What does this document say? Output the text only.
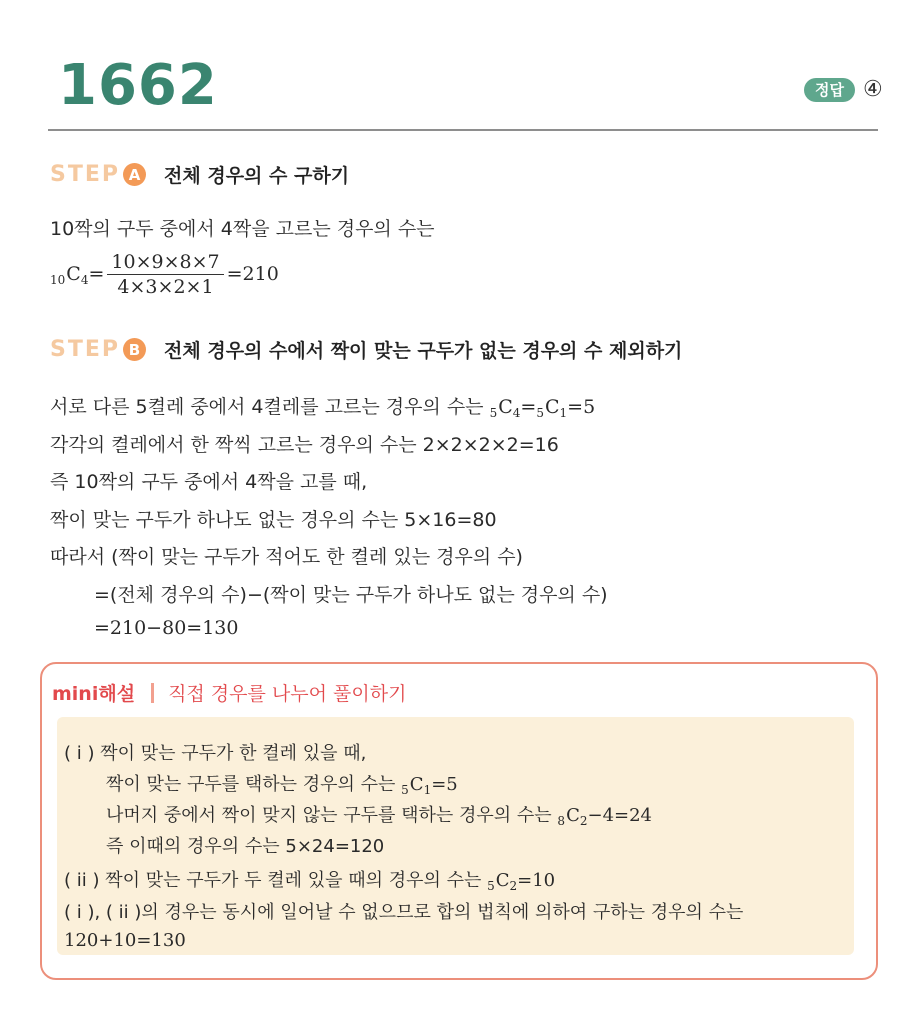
1662	정답 ④
STEP A	전체 경우의 수 구하기
10짝의 구두 중에서 4짝을 고르는 경우의 수는
$_{10}C_4= \frac{10\times 9\times 8\times 7}{4\times 3\times 2\times 1} =210$
STEP B	전체 경우의 수에서 짝이 맞는 구두가 없는 경우의 수 제외하기
서로 다른 5켤레 중에서 4켤레를 고르는 경우의 수는 $_5C_4=_5C_1=5$
각각의 켤레에서 한 짝씩 고르는 경우의 수는 2×2×2×2=16
즉 10짝의 구두 중에서 4짝을 고를 때,
짝이 맞는 구두가 하나도 없는 경우의 수는 5×16=80
따라서 (짝이 맞는 구두가 적어도 한 켤레 있는 경우의 수)
=(전체 경우의 수)−(짝이 맞는 구두가 하나도 없는 경우의 수)
=210−80=130
mini해설 직접 경우를 나누어 풀이하기
( i ) 짝이 맞는 구두가 한 켤레 있을 때,
짝이 맞는 구두를 택하는 경우의 수는 $_5C_1=5$
나머지 중에서 짝이 맞지 않는 구두를 택하는 경우의 수는 $_8C_2-4=24$
즉 이때의 경우의 수는 5×24=120
( ii ) 짝이 맞는 구두가 두 켤레 있을 때의 경우의 수는 $_5C_2=10$
( i ), ( ii )의 경우는 동시에 일어날 수 없으므로 합의 법칙에 의하여 구하는 경우의 수는
120+10=130
